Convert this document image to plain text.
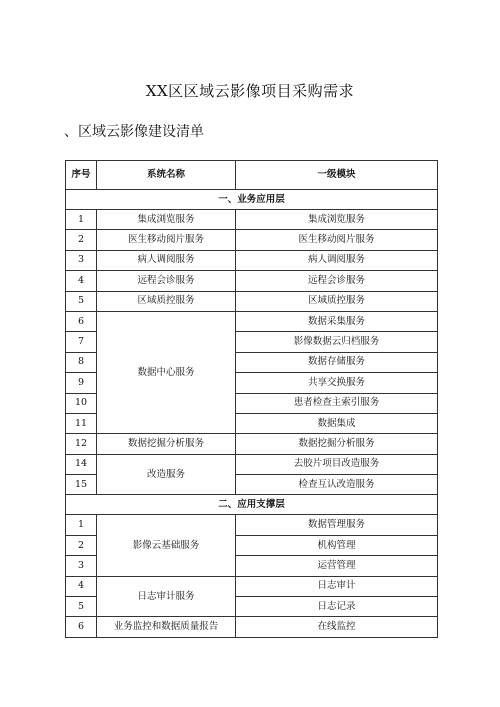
XX区区域云影像项目采购需求
、区域云影像建设清单
序号	系统名称	一级模块
一、业务应用层		
1	集成浏览服务	集成浏览服务
2	医生移动阅片服务	医生移动阅片服务
3	病人调阅服务	病人调阅服务
4	远程会诊服务	远程会诊服务
5	区域质控服务	区域质控服务
6	数据中心服务	数据采集服务
7		影像数据云归档服务
8		数据存储服务
9		共享交换服务
10		患者检查主索引服务
11		数据集成
12	数据挖掘分析服务	数据挖掘分析服务
14	改造服务	去胶片项目改造服务
15		检查互认改造服务
二、应用支撑层		
1	影像云基础服务	数据管理服务
2		机构管理
3		运营管理
4	日志审计服务	日志审计
5		日志记录
6	业务监控和数据质量报告	在线监控
